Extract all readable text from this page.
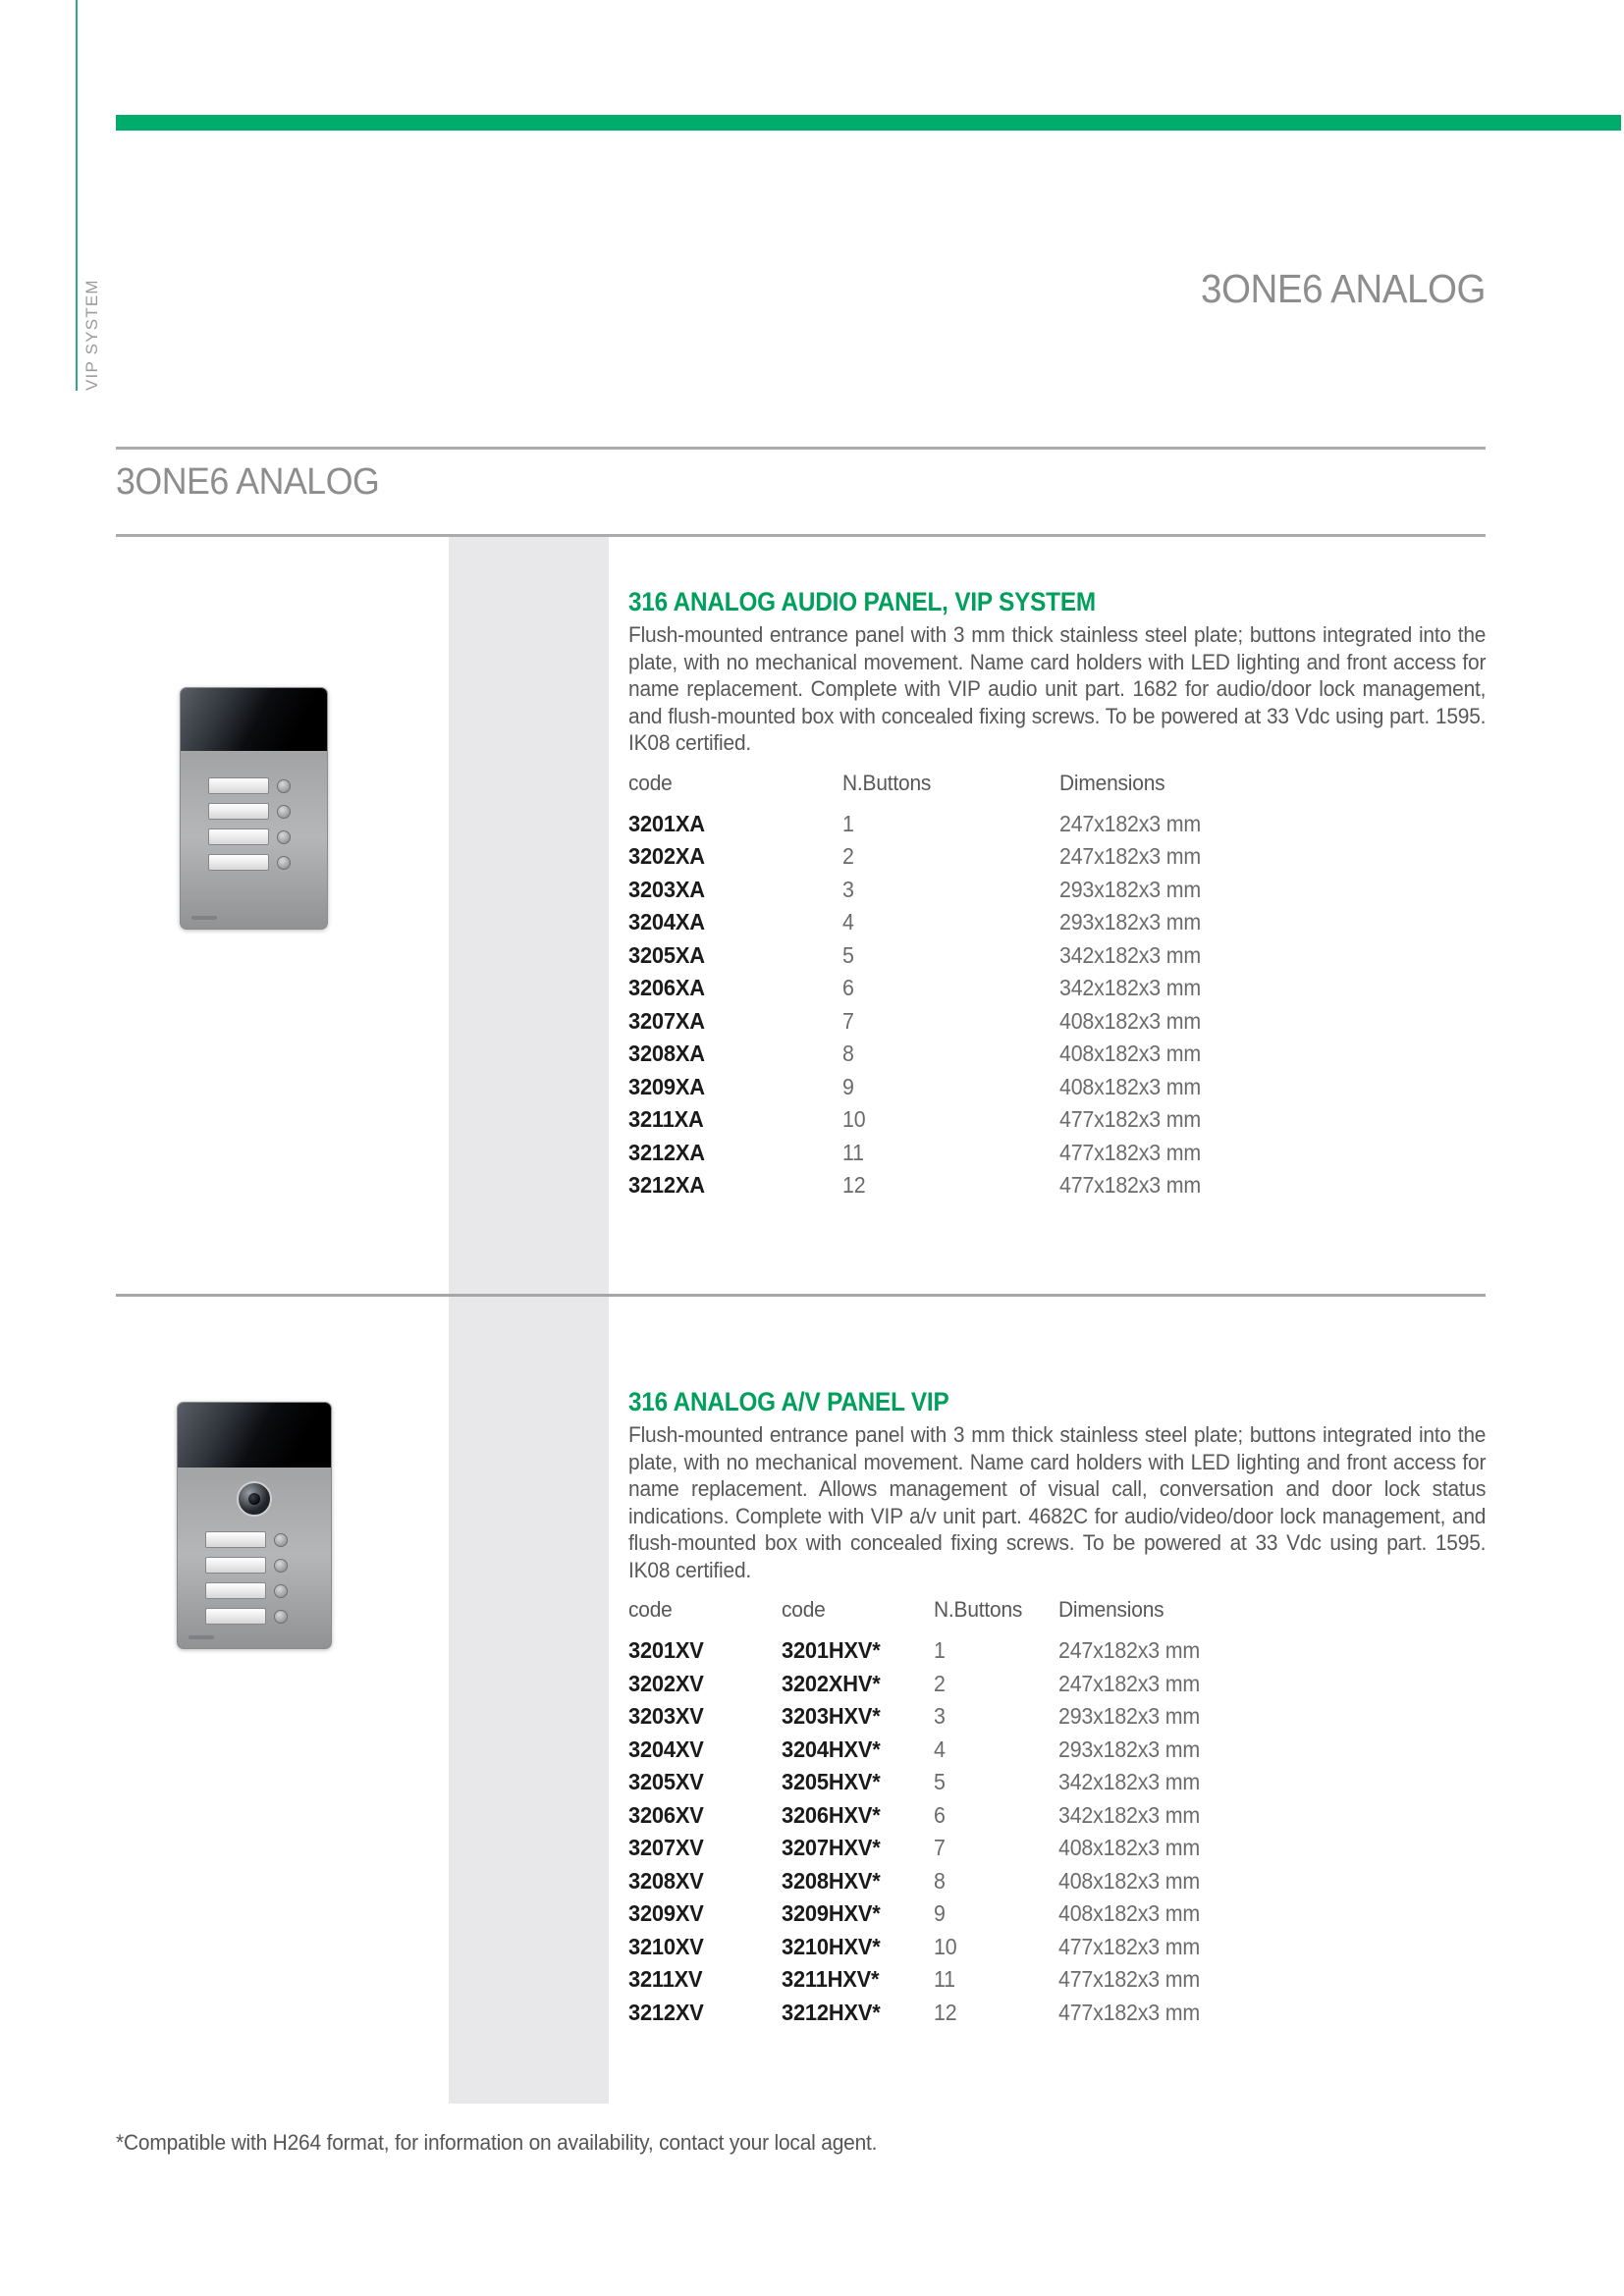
VIP SYSTEM	3ONE6 ANALOG
3ONE6 ANALOG
316 ANALOG AUDIO PANEL, VIP SYSTEM

Flush-mounted entrance panel with 3 mm thick stainless steel plate; buttons integrated into the plate, with no mechanical movement. Name card holders with LED lighting and front access for name replacement. Complete with VIP audio unit part. 1682 for audio/door lock management, and flush-mounted box with concealed fixing screws. To be powered at 33 Vdc using part. 1595. IK08 certified.

code	N.Buttons	Dimensions
3201XA	1	247x182x3 mm
3202XA	2	247x182x3 mm
3203XA	3	293x182x3 mm
3204XA	4	293x182x3 mm
3205XA	5	342x182x3 mm
3206XA	6	342x182x3 mm
3207XA	7	408x182x3 mm
3208XA	8	408x182x3 mm
3209XA	9	408x182x3 mm
3211XA	10	477x182x3 mm
3212XA	11	477x182x3 mm
3212XA	12	477x182x3 mm
316 ANALOG A/V PANEL VIP

Flush-mounted entrance panel with 3 mm thick stainless steel plate; buttons integrated into the plate, with no mechanical movement. Name card holders with LED lighting and front access for name replacement. Allows management of visual call, conversation and door lock status indications. Complete with VIP a/v unit part. 4682C for audio/video/door lock management, and flush-mounted box with concealed fixing screws. To be powered at 33 Vdc using part. 1595. IK08 certified.

code	code	N.Buttons	Dimensions
3201XV	3201HXV*	1	247x182x3 mm
3202XV	3202XHV*	2	247x182x3 mm
3203XV	3203HXV*	3	293x182x3 mm
3204XV	3204HXV*	4	293x182x3 mm
3205XV	3205HXV*	5	342x182x3 mm
3206XV	3206HXV*	6	342x182x3 mm
3207XV	3207HXV*	7	408x182x3 mm
3208XV	3208HXV*	8	408x182x3 mm
3209XV	3209HXV*	9	408x182x3 mm
3210XV	3210HXV*	10	477x182x3 mm
3211XV	3211HXV*	11	477x182x3 mm
3212XV	3212HXV*	12	477x182x3 mm
*Compatible with H264 format, for information on availability, contact your local agent.
